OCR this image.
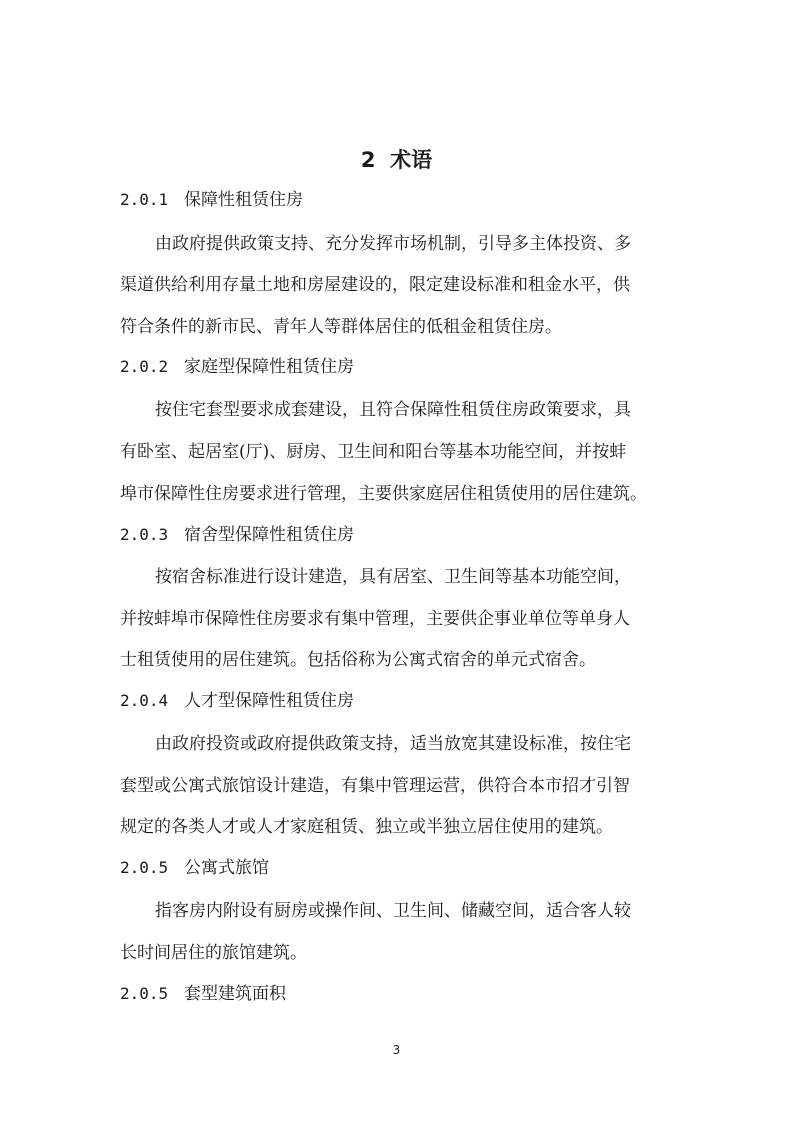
2  术语
2.0.1 保障性租赁住房
由政府提供政策支持、充分发挥市场机制，引导多主体投资、多
渠道供给利用存量土地和房屋建设的，限定建设标准和租金水平，供
符合条件的新市民、青年人等群体居住的低租金租赁住房。
2.0.2 家庭型保障性租赁住房
按住宅套型要求成套建设，且符合保障性租赁住房政策要求，具
有卧室、起居室(厅)、厨房、卫生间和阳台等基本功能空间，并按蚌
埠市保障性住房要求进行管理，主要供家庭居住租赁使用的居住建筑。
2.0.3 宿舍型保障性租赁住房
按宿舍标准进行设计建造，具有居室、卫生间等基本功能空间，
并按蚌埠市保障性住房要求有集中管理，主要供企事业单位等单身人
士租赁使用的居住建筑。包括俗称为公寓式宿舍的单元式宿舍。
2.0.4 人才型保障性租赁住房
由政府投资或政府提供政策支持，适当放宽其建设标准，按住宅
套型或公寓式旅馆设计建造，有集中管理运营，供符合本市招才引智
规定的各类人才或人才家庭租赁、独立或半独立居住使用的建筑。
2.0.5 公寓式旅馆
指客房内附设有厨房或操作间、卫生间、储藏空间，适合客人较
长时间居住的旅馆建筑。
2.0.5 套型建筑面积
3
